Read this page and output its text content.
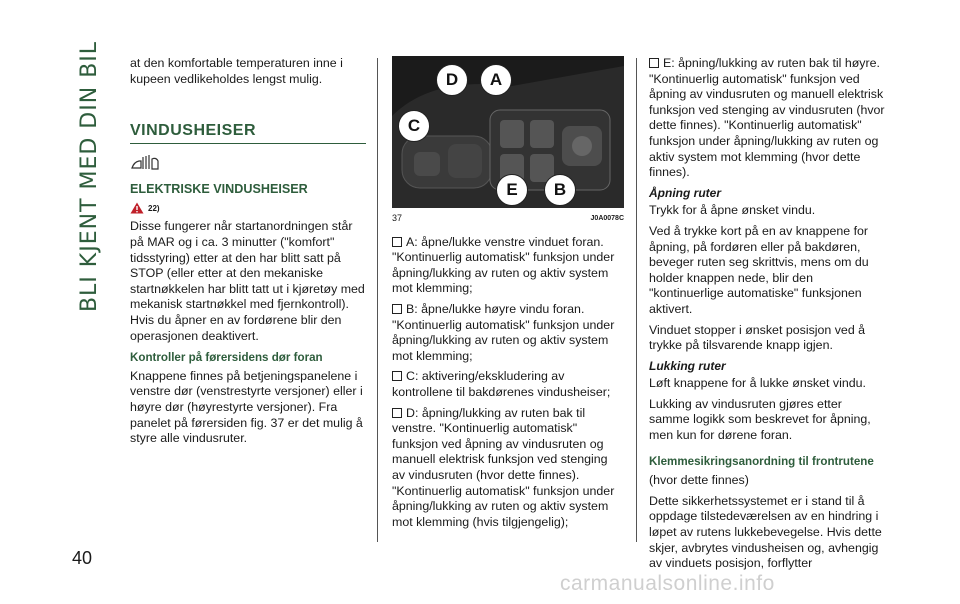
BLI KJENT MED DIN BIL
40

at den komfortable temperaturen inne i kupeen vedlikeholdes lengst mulig.

VINDUSHEISER
ELEKTRISKE VINDUSHEISER
22)

Disse fungerer når startanordningen står på MAR og i ca. 3 minutter ("komfort" tidsstyring) etter at den har blitt satt på STOP (eller etter at den mekaniske startnøkkelen har blitt tatt ut i kjøretøy med mekanisk startnøkkel med fjernkontroll). Hvis du åpner en av fordørene blir den operasjonen deaktivert.

Kontroller på førersidens dør foran

Knappene finnes på betjeningspanelene i venstre dør (venstrestyrte versjoner) eller i høyre dør (høyrestyrte versjoner). Fra panelet på førersiden fig. 37 er det mulig å styre alle vindusruter.

D	A
C
E	B
37	J0A0078C

A: åpne/lukke venstre vinduet foran. "Kontinuerlig automatisk" funksjon under åpning/lukking av ruten og aktiv system mot klemming;

B: åpne/lukke høyre vindu foran. "Kontinuerlig automatisk" funksjon under åpning/lukking av ruten og aktiv system mot klemming;

C: aktivering/ekskludering av kontrollene til bakdørenes vindusheiser;

D: åpning/lukking av ruten bak til venstre. "Kontinuerlig automatisk" funksjon ved åpning av vindusruten og manuell elektrisk funksjon ved stenging av vindusruten (hvor dette finnes). "Kontinuerlig automatisk" funksjon under åpning/lukking av ruten og aktiv system mot klemming (hvis tilgjengelig);

E: åpning/lukking av ruten bak til høyre. "Kontinuerlig automatisk" funksjon ved åpning av vindusruten og manuell elektrisk funksjon ved stenging av vindusruten (hvor dette finnes). "Kontinuerlig automatisk" funksjon under åpning/lukking av ruten og aktiv system mot klemming (hvor dette finnes).

Åpning ruter

Trykk for å åpne ønsket vindu.

Ved å trykke kort på en av knappene for åpning, på fordøren eller på bakdøren, beveger ruten seg skrittvis, mens om du holder knappen nede, blir den "kontinuerlige automatiske" funksjonen aktivert.

Vinduet stopper i ønsket posisjon ved å trykke på tilsvarende knapp igjen.

Lukking ruter

Løft knappene for å lukke ønsket vindu.

Lukking av vindusruten gjøres etter samme logikk som beskrevet for åpning, men kun for dørene foran.

Klemmesikringsanordning til frontrutene

(hvor dette finnes)

Dette sikkerhetssystemet er i stand til å oppdage tilstedeværelsen av en hindring i løpet av rutens lukkebevegelse. Hvis dette skjer, avbrytes vindusheisen og, avhengig av vinduets posisjon, forflytter

carmanualsonline.info
